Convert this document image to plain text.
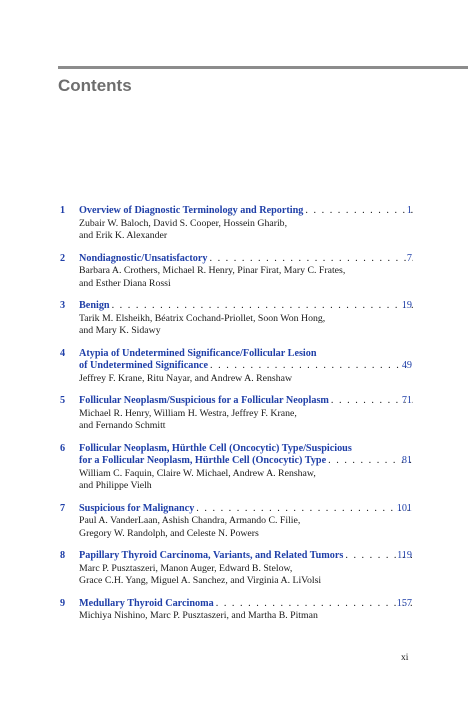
Contents
1 Overview of Diagnostic Terminology and Reporting . . .	1
Zubair W. Baloch, David S. Cooper, Hossein Gharib,
and Erik K. Alexander
2 Nondiagnostic/Unsatisfactory . . .	7
Barbara A. Crothers, Michael R. Henry, Pinar Firat, Mary C. Frates,
and Esther Diana Rossi
3 Benign . . .	19
Tarik M. Elsheikh, Béatrix Cochand-Priollet, Soon Won Hong,
and Mary K. Sidawy
4 Atypia of Undetermined Significance/Follicular Lesion
of Undetermined Significance . . .	49
Jeffrey F. Krane, Ritu Nayar, and Andrew A. Renshaw
5 Follicular Neoplasm/Suspicious for a Follicular Neoplasm . . .	71
Michael R. Henry, William H. Westra, Jeffrey F. Krane,
and Fernando Schmitt
6 Follicular Neoplasm, Hürthle Cell (Oncocytic) Type/Suspicious
for a Follicular Neoplasm, Hürthle Cell (Oncocytic) Type . . .	81
William C. Faquin, Claire W. Michael, Andrew A. Renshaw,
and Philippe Vielh
7 Suspicious for Malignancy . . .	101
Paul A. VanderLaan, Ashish Chandra, Armando C. Filie,
Gregory W. Randolph, and Celeste N. Powers
8 Papillary Thyroid Carcinoma, Variants, and Related Tumors . . .	119
Marc P. Pusztaszeri, Manon Auger, Edward B. Stelow,
Grace C.H. Yang, Miguel A. Sanchez, and Virginia A. LiVolsi
9 Medullary Thyroid Carcinoma . . .	157
Michiya Nishino, Marc P. Pusztaszeri, and Martha B. Pitman
xi
